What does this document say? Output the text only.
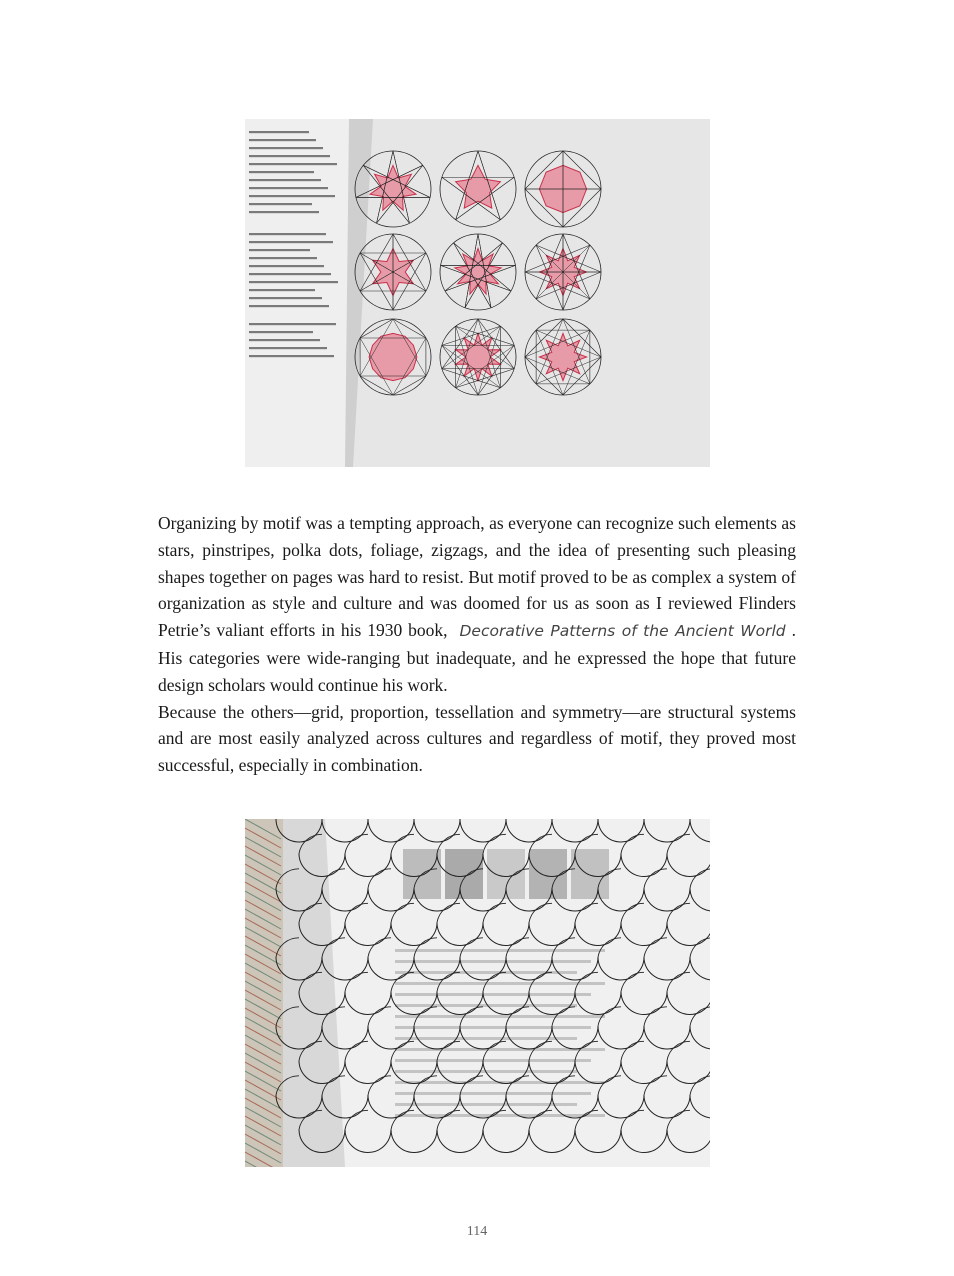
Organizing by motif was a tempting approach, as everyone can recognize such elements as stars, pinstripes, polka dots, foliage, zigzags, and the idea of presenting such pleasing shapes together on pages was hard to resist. But motif proved to be as complex a system of organization as style and culture and was doomed for us as soon as I reviewed Flinders Petrie’s valiant efforts in his 1930 book, Decorative Patterns of the Ancient World . His categories were wide-ranging but inadequate, and he expressed the hope that future design scholars would continue his work.

Because the others—grid, proportion, tessellation and symmetry—are structural systems and are most easily analyzed across cultures and regardless of motif, they proved most successful, especially in combination.

114
